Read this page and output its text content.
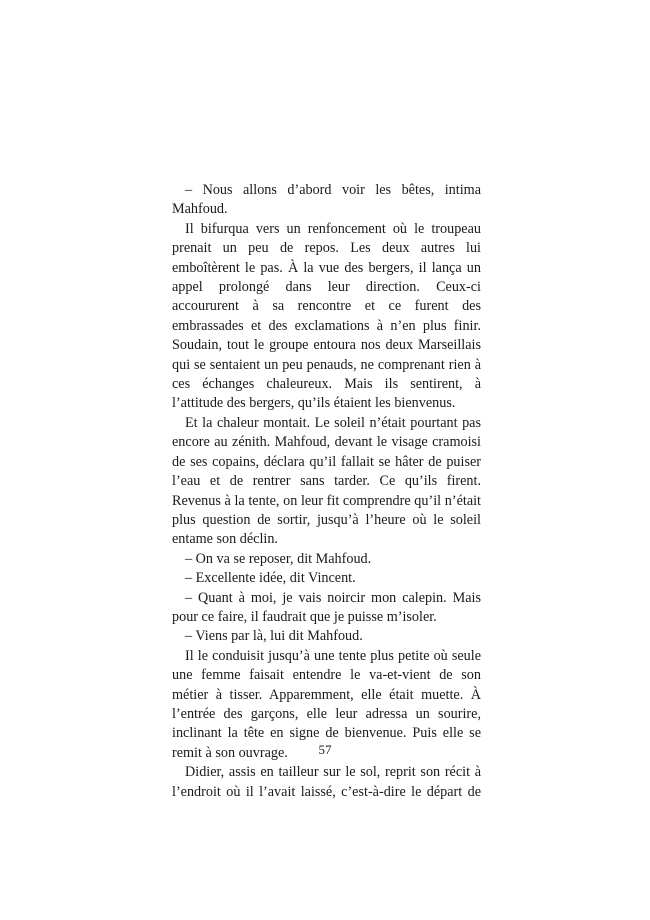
– Nous allons d’abord voir les bêtes, intima Mahfoud.

Il bifurqua vers un renfoncement où le troupeau prenait un peu de repos. Les deux autres lui emboîtèrent le pas. À la vue des bergers, il lança un appel prolongé dans leur direction. Ceux-ci accoururent à sa rencontre et ce furent des embrassades et des exclamations à n’en plus finir. Soudain, tout le groupe entoura nos deux Marseillais qui se sentaient un peu penauds, ne comprenant rien à ces échanges chaleureux. Mais ils sentirent, à l’attitude des bergers, qu’ils étaient les bienvenus.

Et la chaleur montait. Le soleil n’était pourtant pas encore au zénith. Mahfoud, devant le visage cramoisi de ses copains, déclara qu’il fallait se hâter de puiser l’eau et de rentrer sans tarder. Ce qu’ils firent. Revenus à la tente, on leur fit comprendre qu’il n’était plus question de sortir, jusqu’à l’heure où le soleil entame son déclin.

– On va se reposer, dit Mahfoud.

– Excellente idée, dit Vincent.

– Quant à moi, je vais noircir mon calepin. Mais pour ce faire, il faudrait que je puisse m’isoler.

– Viens par là, lui dit Mahfoud.

Il le conduisit jusqu’à une tente plus petite où seule une femme faisait entendre le va-et-vient de son métier à tisser. Apparemment, elle était muette. À l’entrée des garçons, elle leur adressa un sourire, inclinant la tête en signe de bienvenue. Puis elle se remit à son ouvrage.

Didier, assis en tailleur sur le sol, reprit son récit à l’endroit où il l’avait laissé, c’est-à-dire le départ de

57
